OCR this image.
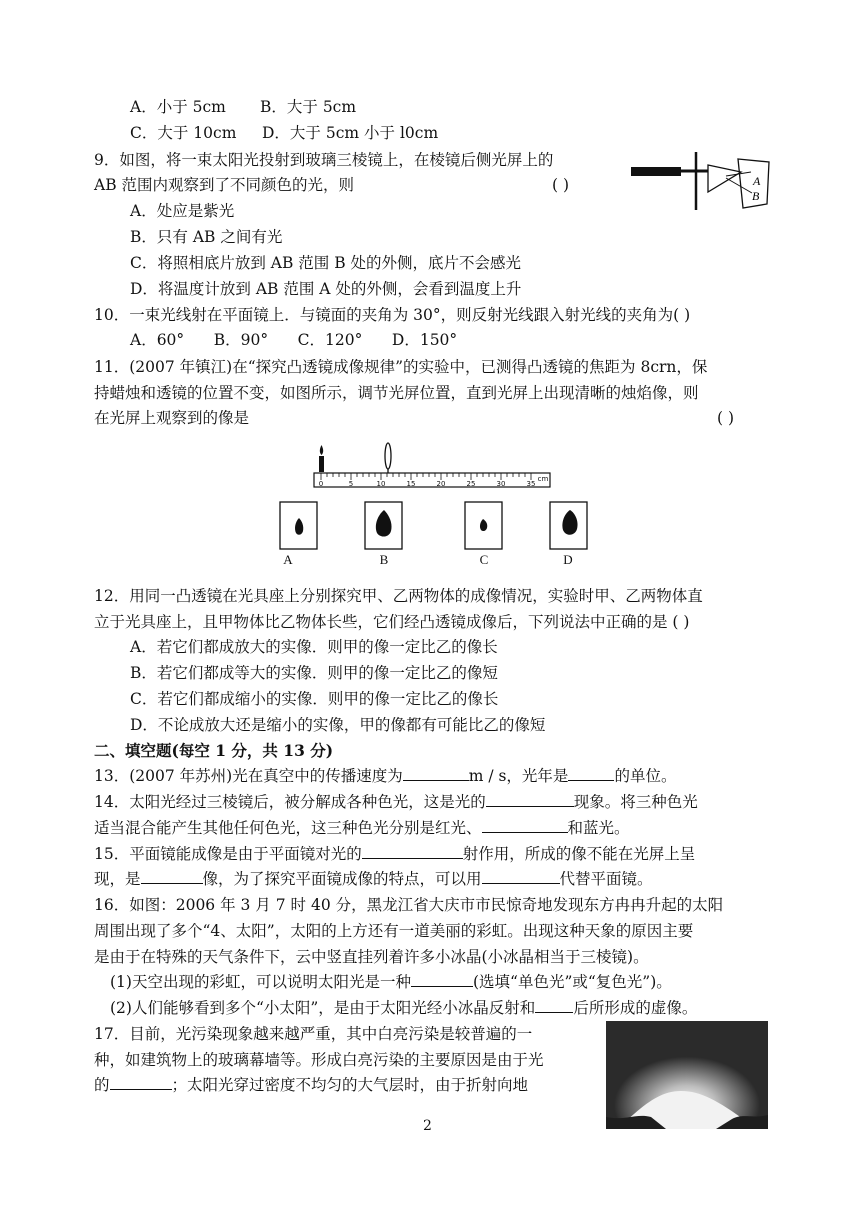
A．小于 5cm B．大于 5cm
C．大于 10cm D．大于 5cm 小于 l0cm
9．如图，将一束太阳光投射到玻璃三棱镜上，在棱镜后侧光屏上的
AB 范围内观察到了不同颜色的光，则	( )
A．处应是紫光
B．只有 AB 之间有光
C．将照相底片放到 AB 范围 B 处的外侧，底片不会感光
D．将温度计放到 AB 范围 A 处的外侧，会看到温度上升
A
B
10．一束光线射在平面镜上．与镜面的夹角为 30°，则反射光线跟入射光线的夹角为( )
A．60°      B．90°      C．120°      D．150°
11．(2007 年镇江)在“探究凸透镜成像规律”的实验中，已测得凸透镜的焦距为 8crn，保
持蜡烛和透镜的位置不变，如图所示，调节光屏位置，直到光屏上出现清晰的烛焰像，则
在光屏上观察到的像是	( )
0	5	10	15	20	25	30	35
cm
A	B	C	D
12．用同一凸透镜在光具座上分别探究甲、乙两物体的成像情况，实验时甲、乙两物体直
立于光具座上，且甲物体比乙物体长些，它们经凸透镜成像后，下列说法中正确的是 ( )
A．若它们都成放大的实像．则甲的像一定比乙的像长
B．若它们都成等大的实像．则甲的像一定比乙的像短
C．若它们都成缩小的实像．则甲的像一定比乙的像长
D．不论成放大还是缩小的实像，甲的像都有可能比乙的像短
二、填空题(每空 1 分，共 13 分)
13．(2007 年苏州)光在真空中的传播速度为	m / s，光年是	的单位。
14．太阳光经过三棱镜后，被分解成各种色光，这是光的	现象。将三种色光
适当混合能产生其他任何色光，这三种色光分别是红光、	和蓝光。
15．平面镜能成像是由于平面镜对光的	射作用，所成的像不能在光屏上呈
现，是	像，为了探究平面镜成像的特点，可以用	代替平面镜。
16．如图：2006 年 3 月 7 时 40 分，黑龙江省大庆市市民惊奇地发现东方冉冉升起的太阳
周围出现了多个“4、太阳”，太阳的上方还有一道美丽的彩虹。出现这种天象的原因主要
是由于在特殊的天气条件下，云中竖直挂列着许多小冰晶(小冰晶相当于三棱镜)。
(1)天空出现的彩虹，可以说明太阳光是一种	(选填“单色光”或“复色光”)。
(2)人们能够看到多个“小太阳”，是由于太阳光经小冰晶反射和 后所形成的虚像。
17．目前，光污染现象越来越严重，其中白亮污染是较普遍的一
种，如建筑物上的玻璃幕墙等。形成白亮污染的主要原因是由于光
的	；太阳光穿过密度不均匀的大气层时，由于折射向地
2
